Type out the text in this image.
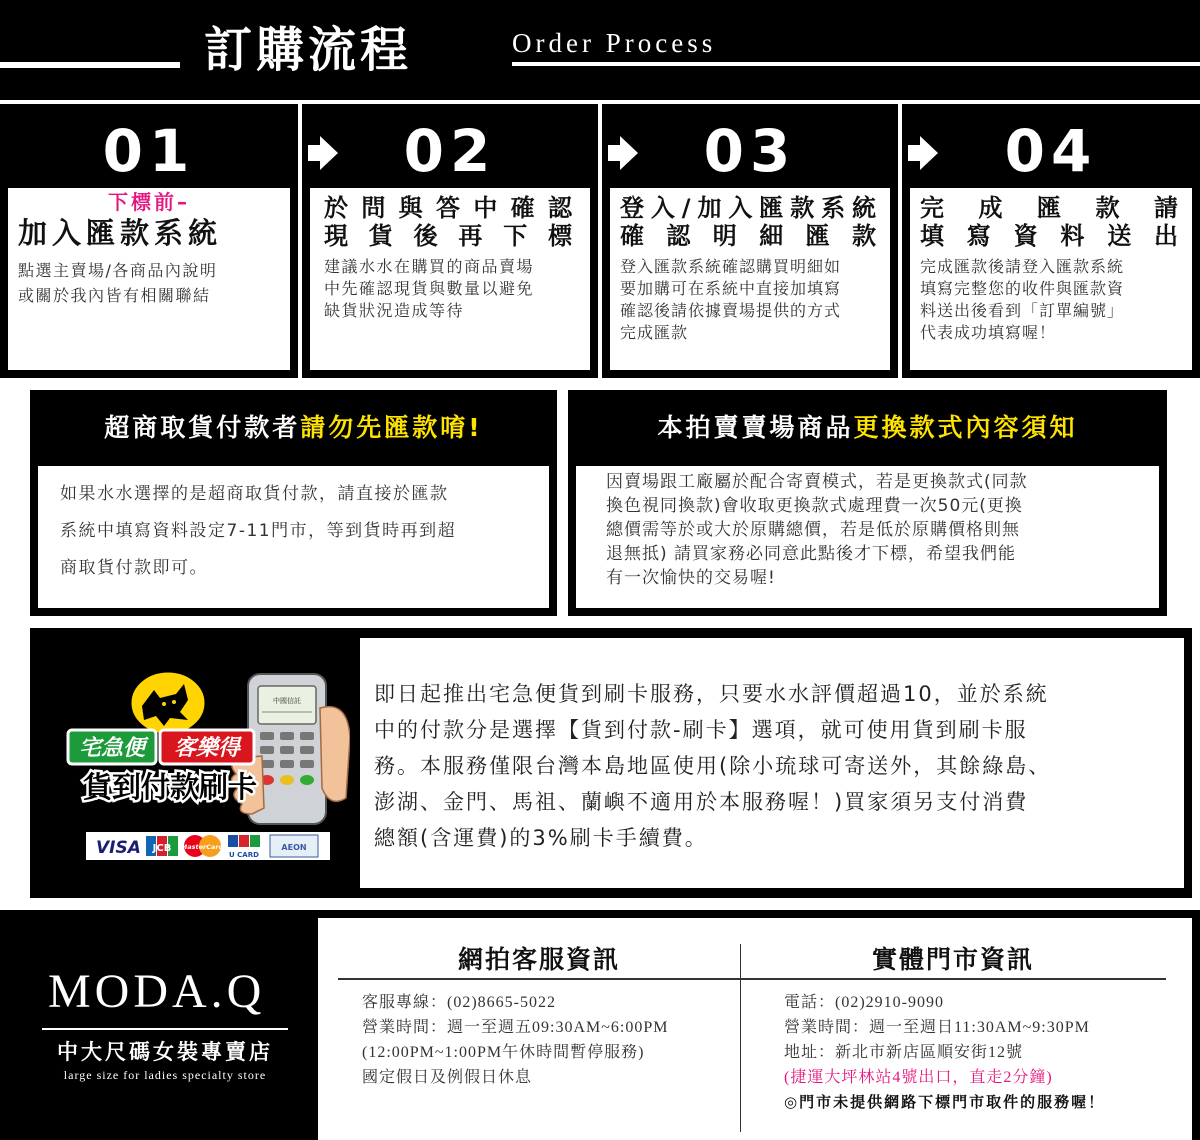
訂購流程	Order Process
01
下標前–
加入匯款系統
點選主賣場/各商品內說明
或關於我內皆有相關聯結
02
於問與答中確認
現貨後再下標
建議水水在購買的商品賣場
中先確認現貨與數量以避免
缺貨狀況造成等待
03
登入/加入匯款系統
確認明細匯款
登入匯款系統確認購買明細如
要加購可在系統中直接加填寫
確認後請依據賣場提供的方式
完成匯款
04
完成匯款請
填寫資料送出
完成匯款後請登入匯款系統
填寫完整您的收件與匯款資
料送出後看到「訂單編號」
代表成功填寫喔！
超商取貨付款者請勿先匯款唷!
如果水水選擇的是超商取貨付款，請直接於匯款
系統中填寫資料設定7-11門市，等到貨時再到超
商取貨付款即可。
本拍賣賣場商品更換款式內容須知
因賣場跟工廠屬於配合寄賣模式，若是更換款式(同款
換色視同換款)會收取更換款式處理費一次50元(更換
總價需等於或大於原購總價，若是低於原購價格則無
退無抵) 請買家務必同意此點後才下標，希望我們能
有一次愉快的交易喔!
中國信託
宅急便 客樂得
貨到付款刷卡
VISA JCB MasterCard
U CARD
AEON
即日起推出宅急便貨到刷卡服務，只要水水評價超過10，並於系統
中的付款分是選擇【貨到付款-刷卡】選項，就可使用貨到刷卡服
務。本服務僅限台灣本島地區使用(除小琉球可寄送外，其餘綠島、
澎湖、金門、馬祖、蘭嶼不適用於本服務喔！)買家須另支付消費
總額(含運費)的3%刷卡手續費。
MODA.Q
中大尺碼女裝專賣店
large size for ladies specialty store
網拍客服資訊	實體門市資訊
客服專線：(02)8665-5022
營業時間：週一至週五09:30AM~6:00PM
(12:00PM~1:00PM午休時間暫停服務)
國定假日及例假日休息
電話：(02)2910-9090
營業時間：週一至週日11:30AM~9:30PM
地址：新北市新店區順安街12號
(捷運大坪林站4號出口，直走2分鐘)
◎門市未提供網路下標門市取件的服務喔！
